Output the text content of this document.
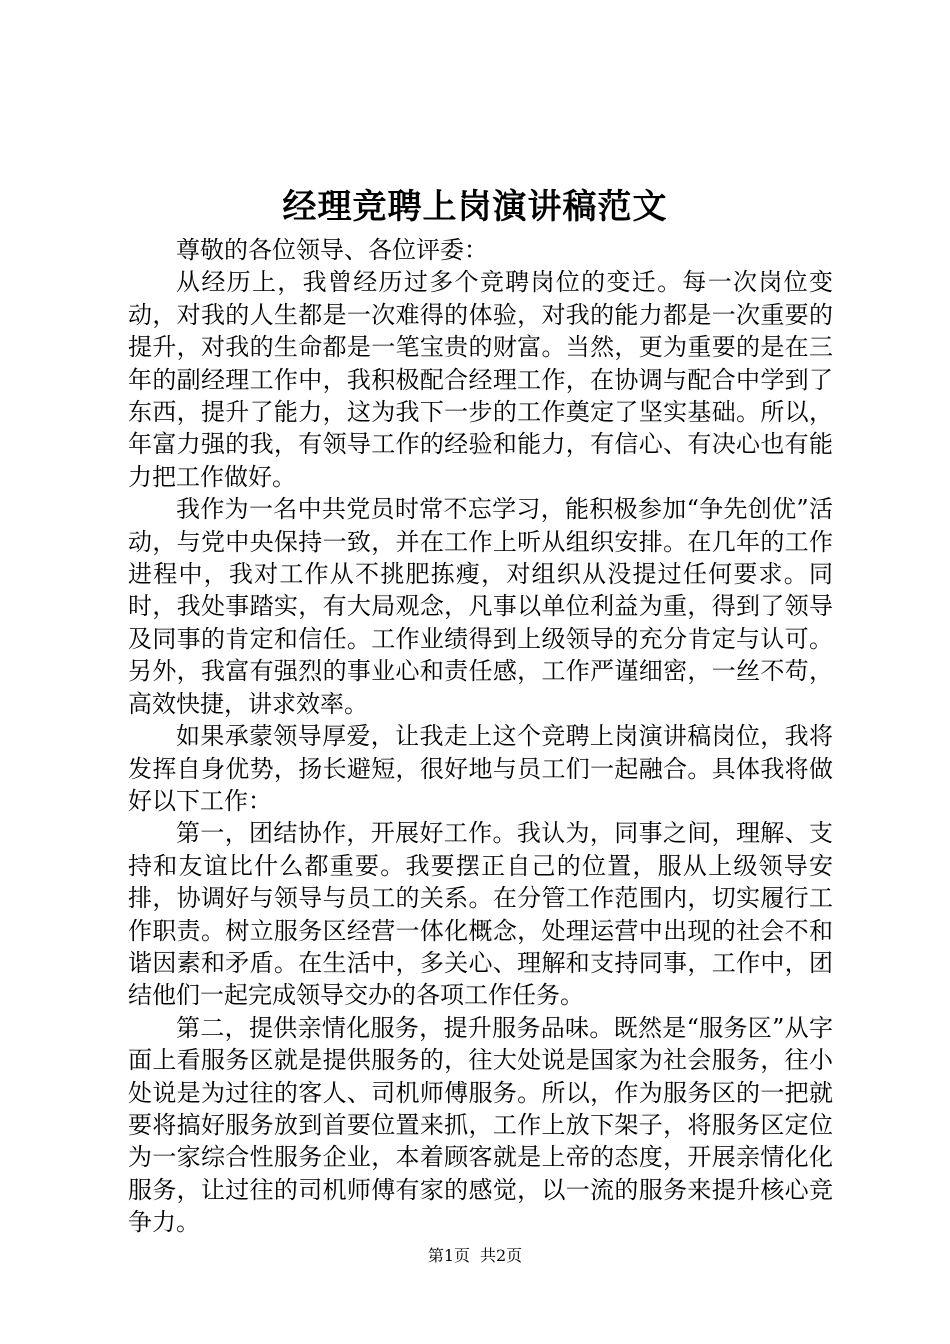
经理竞聘上岗演讲稿范文

尊敬的各位领导、各位评委：

从经历上，我曾经历过多个竞聘岗位的变迁。每一次岗位变动，对我的人生都是一次难得的体验，对我的能力都是一次重要的提升，对我的生命都是一笔宝贵的财富。当然，更为重要的是在三年的副经理工作中，我积极配合经理工作，在协调与配合中学到了东西，提升了能力，这为我下一步的工作奠定了坚实基础。所以，年富力强的我，有领导工作的经验和能力，有信心、有决心也有能力把工作做好。

我作为一名中共党员时常不忘学习，能积极参加“争先创优”活动，与党中央保持一致，并在工作上听从组织安排。在几年的工作进程中，我对工作从不挑肥拣瘦，对组织从没提过任何要求。同时，我处事踏实，有大局观念，凡事以单位利益为重，得到了领导及同事的肯定和信任。工作业绩得到上级领导的充分肯定与认可。另外，我富有强烈的事业心和责任感，工作严谨细密，一丝不苟，高效快捷，讲求效率。

如果承蒙领导厚爱，让我走上这个竞聘上岗演讲稿岗位，我将发挥自身优势，扬长避短，很好地与员工们一起融合。具体我将做好以下工作：

第一，团结协作，开展好工作。我认为，同事之间，理解、支持和友谊比什么都重要。我要摆正自己的位置，服从上级领导安排，协调好与领导与员工的关系。在分管工作范围内，切实履行工作职责。树立服务区经营一体化概念，处理运营中出现的社会不和谐因素和矛盾。在生活中，多关心、理解和支持同事，工作中，团结他们一起完成领导交办的各项工作任务。

第二，提供亲情化服务，提升服务品味。既然是“服务区”从字面上看服务区就是提供服务的，往大处说是国家为社会服务，往小处说是为过往的客人、司机师傅服务。所以，作为服务区的一把就要将搞好服务放到首要位置来抓，工作上放下架子，将服务区定位为一家综合性服务企业，本着顾客就是上帝的态度，开展亲情化化服务，让过往的司机师傅有家的感觉，以一流的服务来提升核心竞争力。

第1页 共2页
